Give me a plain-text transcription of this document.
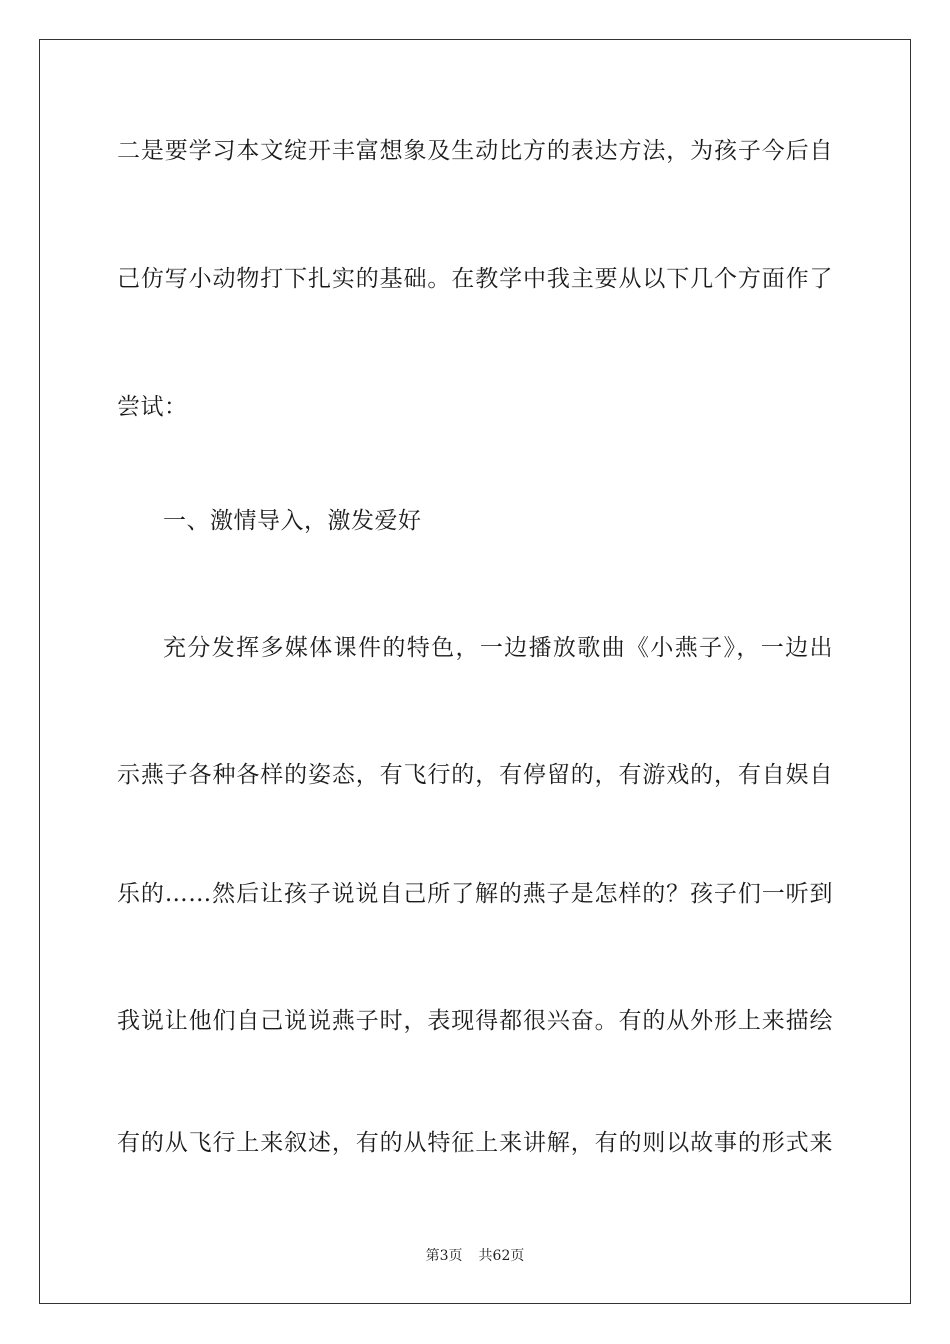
二是要学习本文绽开丰富想象及生动比方的表达方法，为孩子今后自
己仿写小动物打下扎实的基础。在教学中我主要从以下几个方面作了
尝试：
一、激情导入，激发爱好
充分发挥多媒体课件的特色，一边播放歌曲《小燕子》，一边出
示燕子各种各样的姿态，有飞行的，有停留的，有游戏的，有自娱自
乐的……然后让孩子说说自己所了解的燕子是怎样的？孩子们一听到
我说让他们自己说说燕子时，表现得都很兴奋。有的从外形上来描绘
有的从飞行上来叙述，有的从特征上来讲解，有的则以故事的形式来
第3页 共62页
